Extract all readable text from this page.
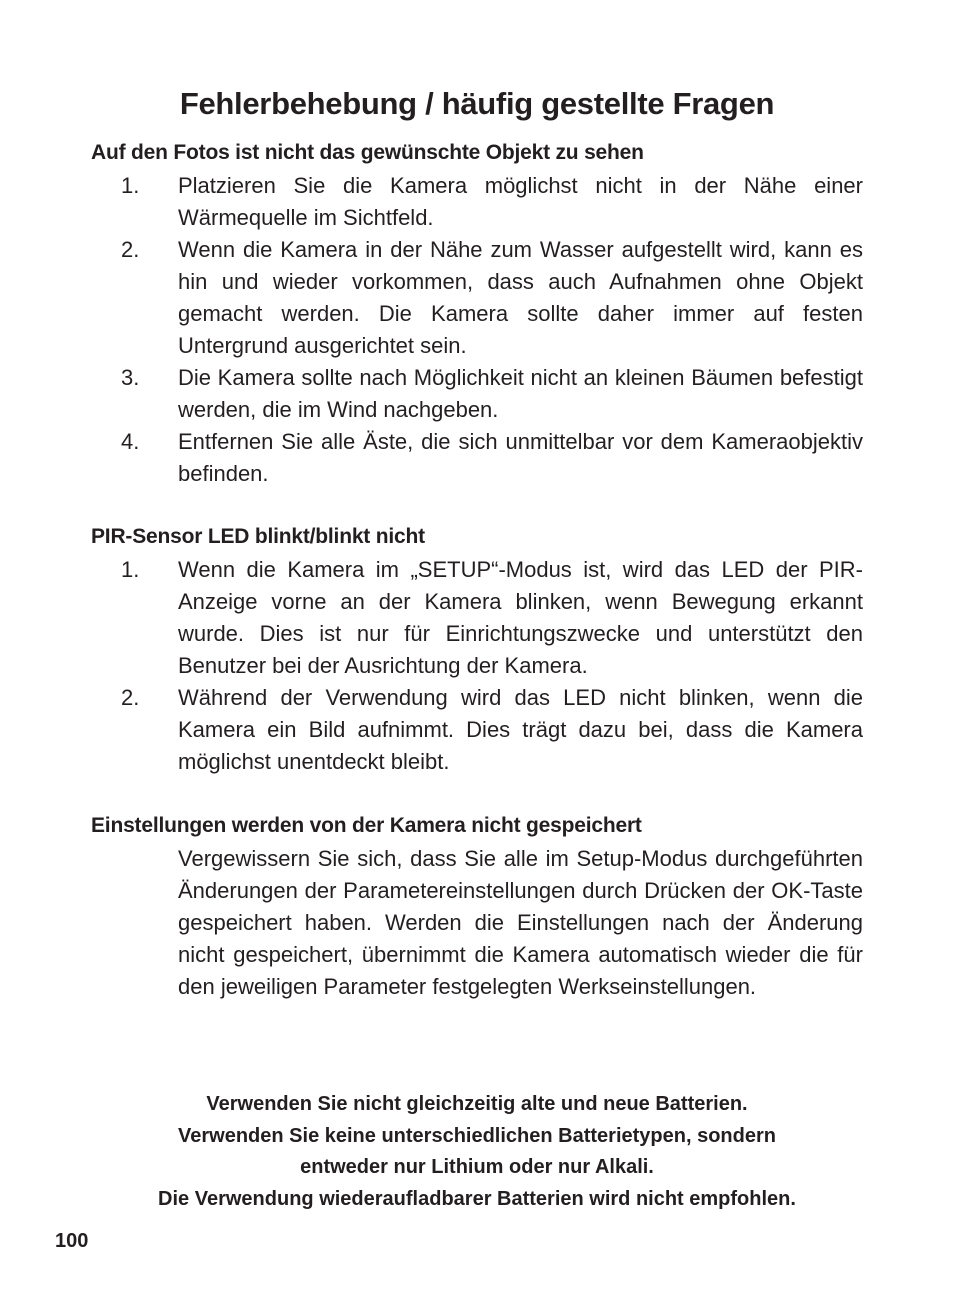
Fehlerbehebung / häufig gestellte Fragen
Auf den Fotos ist nicht das gewünschte Objekt zu sehen
1. Platzieren Sie die Kamera möglichst nicht in der Nähe einer Wärmequelle im Sichtfeld.
2. Wenn die Kamera in der Nähe zum Wasser aufgestellt wird, kann es hin und wieder vorkommen, dass auch Aufnahmen ohne Objekt gemacht werden. Die Kamera sollte daher immer auf festen Untergrund ausgerichtet sein.
3. Die Kamera sollte nach Möglichkeit nicht an kleinen Bäumen befestigt werden, die im Wind nachgeben.
4. Entfernen Sie alle Äste, die sich unmittelbar vor dem Kameraobjektiv befinden.
PIR-Sensor LED blinkt/blinkt nicht
1. Wenn die Kamera im „SETUP“-Modus ist, wird das LED der PIR-Anzeige vorne an der Kamera blinken, wenn Bewegung erkannt wurde. Dies ist nur für Einrichtungszwecke und unterstützt den Benutzer bei der Ausrichtung der Kamera.
2. Während der Verwendung wird das LED nicht blinken, wenn die Kamera ein Bild aufnimmt. Dies trägt dazu bei, dass die Kamera möglichst unentdeckt bleibt.
Einstellungen werden von der Kamera nicht gespeichert
Vergewissern Sie sich, dass Sie alle im Setup-Modus durchgeführten Änderungen der Parametereinstellungen durch Drücken der OK-Taste gespeichert haben. Werden die Einstellungen nach der Änderung nicht gespeichert, übernimmt die Kamera automatisch wieder die für den jeweiligen Parameter festgelegten Werkseinstellungen.
Verwenden Sie nicht gleichzeitig alte und neue Batterien.
Verwenden Sie keine unterschiedlichen Batterietypen, sondern
entweder nur Lithium oder nur Alkali.
Die Verwendung wiederaufladbarer Batterien wird nicht empfohlen.
100
